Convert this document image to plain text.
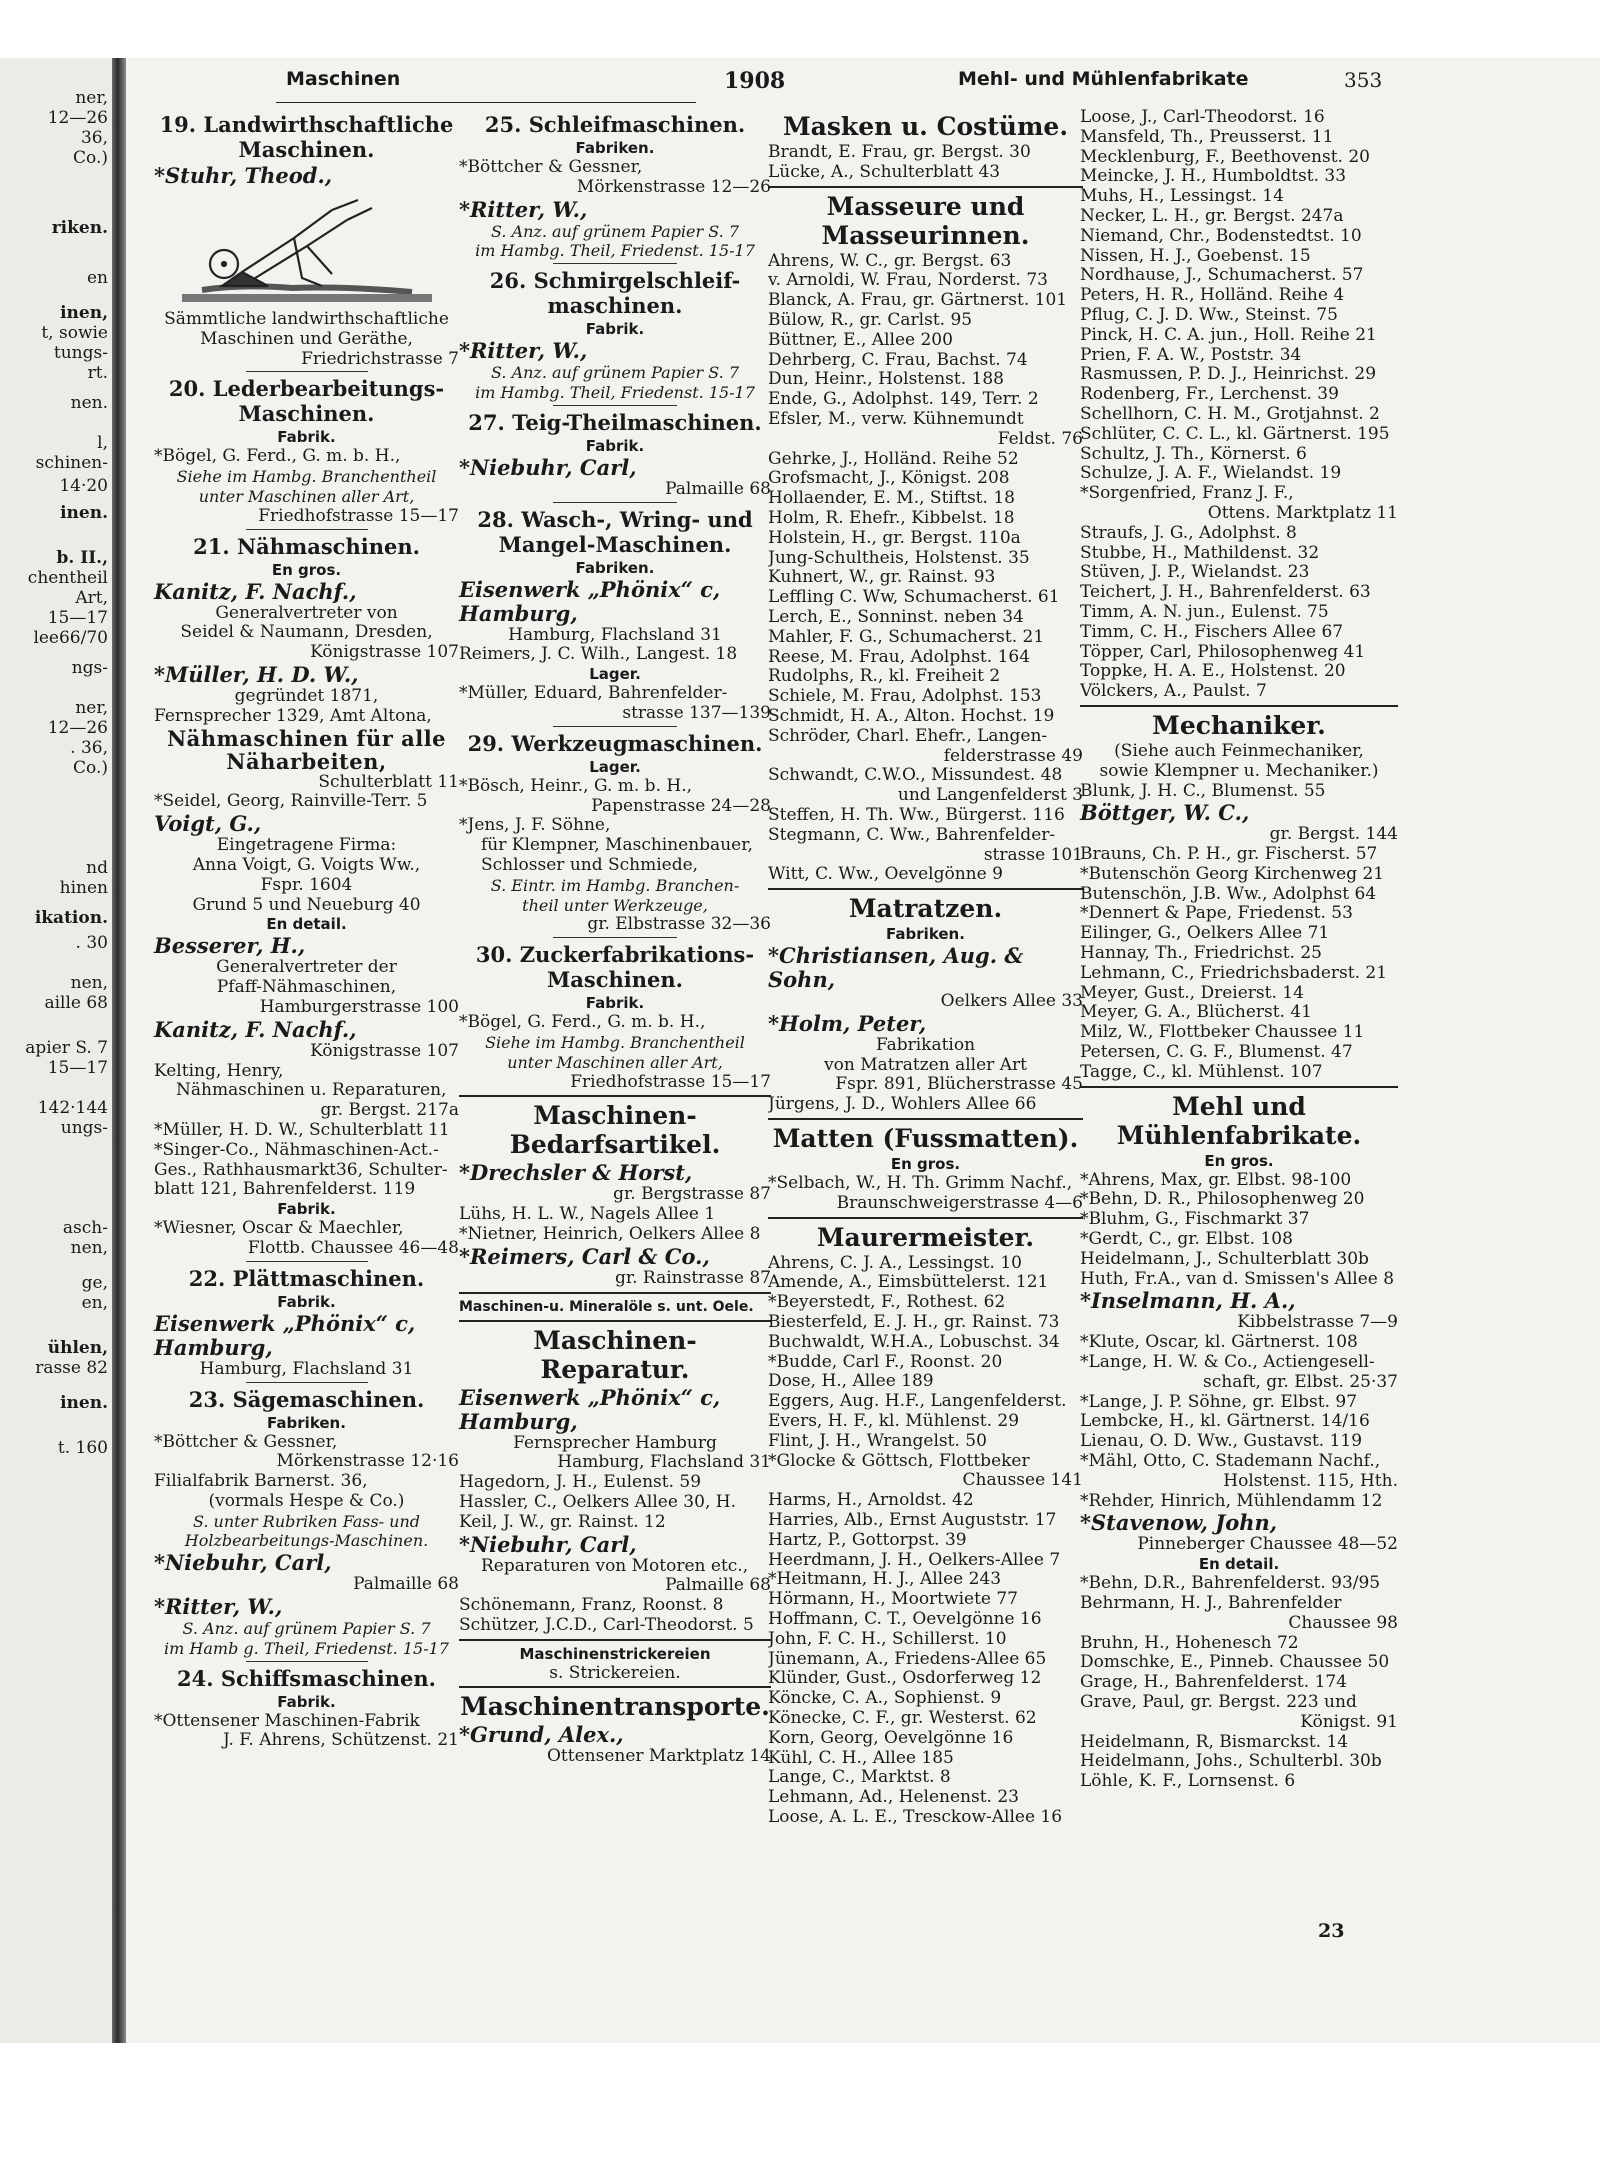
ner,
12—26
36,
Co.)
riken.
en
inen,
t, sowie
tungs-
rt.
nen.
l,
schinen-
14·20
inen.
b. II.,
chentheil
Art,
15—17
lee66/70
ngs-
ner,
12—26
. 36,
Co.)
nd
hinen
ikation.
. 30
nen,
aille 68
apier S. 7
15—17
142·144
ungs-
asch-
nen,
ge,
en,
ühlen,
rasse 82
inen.
t. 160
Maschinen	1908	Mehl- und Mühlenfabrikate	353
19. Landwirthschaftliche Maschinen.
*Stuhr, Theod.,
Sämmtliche landwirthschaftliche
Maschinen und Geräthe,
Friedrichstrasse 7
20. Lederbearbeitungs-Maschinen.
Fabrik.
*Bögel, G. Ferd., G. m. b. H.,
Siehe im Hambg. Branchentheil
unter Maschinen aller Art,
Friedhofstrasse 15—17
21. Nähmaschinen.
En gros.
Kanitz, F. Nachf.,
Generalvertreter von
Seidel & Naumann, Dresden,
Königstrasse 107
*Müller, H. D. W.,
gegründet 1871,
Fernsprecher 1329, Amt Altona,
Nähmaschinen für alle Näharbeiten,
Schulterblatt 11
*Seidel, Georg, Rainville-Terr. 5
Voigt, G.,
Eingetragene Firma:
Anna Voigt, G. Voigts Ww.,
Fspr. 1604
Grund 5 und Neueburg 40
En detail.
Besserer, H.,
Generalvertreter der
Pfaff-Nähmaschinen,
Hamburgerstrasse 100
Kanitz, F. Nachf.,
Königstrasse 107
Kelting, Henry,
Nähmaschinen u. Reparaturen,
gr. Bergst. 217a
*Müller, H. D. W., Schulterblatt 11
*Singer-Co., Nähmaschinen-Act.-
Ges., Rathhausmarkt36, Schulter-
blatt 121, Bahrenfelderst. 119
Fabrik.
*Wiesner, Oscar & Maechler,
Flottb. Chaussee 46—48
22. Plättmaschinen.
Fabrik.
Eisenwerk „Phönix“ c, Hamburg,
Hamburg, Flachsland 31
23. Sägemaschinen.
Fabriken.
*Böttcher & Gessner,
Mörkenstrasse 12·16
Filialfabrik Barnerst. 36,
(vormals Hespe & Co.)
S. unter Rubriken Fass- und
Holzbearbeitungs-Maschinen.
*Niebuhr, Carl,
Palmaille 68
*Ritter, W.,
S. Anz. auf grünem Papier S. 7
im Hamb g. Theil, Friedenst. 15-17
24. Schiffsmaschinen.
Fabrik.
*Ottensener Maschinen-Fabrik
J. F. Ahrens, Schützenst. 21
25. Schleifmaschinen.
Fabriken.
*Böttcher & Gessner,
Mörkenstrasse 12—26
*Ritter, W.,
S. Anz. auf grünem Papier S. 7
im Hambg. Theil, Friedenst. 15-17
26. Schmirgelschleif-maschinen.
Fabrik.
*Ritter, W.,
S. Anz. auf grünem Papier S. 7
im Hambg. Theil, Friedenst. 15-17
27. Teig-Theilmaschinen.
Fabrik.
*Niebuhr, Carl,
Palmaille 68
28. Wasch-, Wring- und Mangel-Maschinen.
Fabriken.
Eisenwerk „Phönix“ c, Hamburg,
Hamburg, Flachsland 31
Reimers, J. C. Wilh., Langest. 18
Lager.
*Müller, Eduard, Bahrenfelder-
strasse 137—139
29. Werkzeugmaschinen.
Lager.
*Bösch, Heinr., G. m. b. H.,
Papenstrasse 24—28
*Jens, J. F. Söhne,
für Klempner, Maschinenbauer,
Schlosser und Schmiede,
S. Eintr. im Hambg. Branchen-
theil unter Werkzeuge,
gr. Elbstrasse 32—36
30. Zuckerfabrikations-Maschinen.
Fabrik.
*Bögel, G. Ferd., G. m. b. H.,
Siehe im Hambg. Branchentheil
unter Maschinen aller Art,
Friedhofstrasse 15—17
Maschinen-Bedarfsartikel.
*Drechsler & Horst,
gr. Bergstrasse 87
Lühs, H. L. W., Nagels Allee 1
*Nietner, Heinrich, Oelkers Allee 8
*Reimers, Carl & Co.,
gr. Rainstrasse 87
Maschinen-u. Mineralöle s. unt. Oele.
Maschinen-Reparatur.
Eisenwerk „Phönix“ c, Hamburg,
Fernsprecher Hamburg
Hamburg, Flachsland 31
Hagedorn, J. H., Eulenst. 59
Hassler, C., Oelkers Allee 30, H.
Keil, J. W., gr. Rainst. 12
*Niebuhr, Carl,
Reparaturen von Motoren etc.,
Palmaille 68
Schönemann, Franz, Roonst. 8
Schützer, J.C.D., Carl-Theodorst. 5
Maschinenstrickereien
s. Strickereien.
Maschinentransporte.
*Grund, Alex.,
Ottensener Marktplatz 14
Masken u. Costüme.
Brandt, E. Frau, gr. Bergst. 30
Lücke, A., Schulterblatt 43
Masseure und Masseurinnen.
Ahrens, W. C., gr. Bergst. 63
v. Arnoldi, W. Frau, Norderst. 73
Blanck, A. Frau, gr. Gärtnerst. 101
Bülow, R., gr. Carlst. 95
Büttner, E., Allee 200
Dehrberg, C. Frau, Bachst. 74
Dun, Heinr., Holstenst. 188
Ende, G., Adolphst. 149, Terr. 2
Efsler, M., verw. Kühnemundt
Feldst. 76
Gehrke, J., Holländ. Reihe 52
Grofsmacht, J., Königst. 208
Hollaender, E. M., Stiftst. 18
Holm, R. Ehefr., Kibbelst. 18
Holstein, H., gr. Bergst. 110a
Jung-Schultheis, Holstenst. 35
Kuhnert, W., gr. Rainst. 93
Leffling C. Ww, Schumacherst. 61
Lerch, E., Sonninst. neben 34
Mahler, F. G., Schumacherst. 21
Reese, M. Frau, Adolphst. 164
Rudolphs, R., kl. Freiheit 2
Schiele, M. Frau, Adolphst. 153
Schmidt, H. A., Alton. Hochst. 19
Schröder, Charl. Ehefr., Langen-
felderstrasse 49
Schwandt, C.W.O., Missundest. 48
und Langenfelderst 3
Steffen, H. Th. Ww., Bürgerst. 116
Stegmann, C. Ww., Bahrenfelder-
strasse 101
Witt, C. Ww., Oevelgönne 9
Matratzen.
Fabriken.
*Christiansen, Aug. & Sohn,
Oelkers Allee 33
*Holm, Peter,
Fabrikation
von Matratzen aller Art
Fspr. 891, Blücherstrasse 45
Jürgens, J. D., Wohlers Allee 66
Matten (Fussmatten).
En gros.
*Selbach, W., H. Th. Grimm Nachf.,
Braunschweigerstrasse 4—6
Maurermeister.
Ahrens, C. J. A., Lessingst. 10
Amende, A., Eimsbüttelerst. 121
*Beyerstedt, F., Rothest. 62
Biesterfeld, E. J. H., gr. Rainst. 73
Buchwaldt, W.H.A., Lobuschst. 34
*Budde, Carl F., Roonst. 20
Dose, H., Allee 189
Eggers, Aug. H.F., Langenfelderst.
Evers, H. F., kl. Mühlenst. 29
Flint, J. H., Wrangelst. 50
*Glocke & Göttsch, Flottbeker
Chaussee 141
Harms, H., Arnoldst. 42
Harries, Alb., Ernst Auguststr. 17
Hartz, P., Gottorpst. 39
Heerdmann, J. H., Oelkers-Allee 7
*Heitmann, H. J., Allee 243
Hörmann, H., Moortwiete 77
Hoffmann, C. T., Oevelgönne 16
John, F. C. H., Schillerst. 10
Jünemann, A., Friedens-Allee 65
Klünder, Gust., Osdorferweg 12
Köncke, C. A., Sophienst. 9
Könecke, C. F., gr. Westerst. 62
Korn, Georg, Oevelgönne 16
Kühl, C. H., Allee 185
Lange, C., Marktst. 8
Lehmann, Ad., Helenenst. 23
Loose, A. L. E., Tresckow-Allee 16
Loose, J., Carl-Theodorst. 16
Mansfeld, Th., Preusserst. 11
Mecklenburg, F., Beethovenst. 20
Meincke, J. H., Humboldtst. 33
Muhs, H., Lessingst. 14
Necker, L. H., gr. Bergst. 247a
Niemand, Chr., Bodenstedtst. 10
Nissen, H. J., Goebenst. 15
Nordhause, J., Schumacherst. 57
Peters, H. R., Holländ. Reihe 4
Pflug, C. J. D. Ww., Steinst. 75
Pinck, H. C. A. jun., Holl. Reihe 21
Prien, F. A. W., Poststr. 34
Rasmussen, P. D. J., Heinrichst. 29
Rodenberg, Fr., Lerchenst. 39
Schellhorn, C. H. M., Grotjahnst. 2
Schlüter, C. C. L., kl. Gärtnerst. 195
Schultz, J. Th., Körnerst. 6
Schulze, J. A. F., Wielandst. 19
*Sorgenfried, Franz J. F.,
Ottens. Marktplatz 11
Straufs, J. G., Adolphst. 8
Stubbe, H., Mathildenst. 32
Stüven, J. P., Wielandst. 23
Teichert, J. H., Bahrenfelderst. 63
Timm, A. N. jun., Eulenst. 75
Timm, C. H., Fischers Allee 67
Töpper, Carl, Philosophenweg 41
Toppke, H. A. E., Holstenst. 20
Völckers, A., Paulst. 7
Mechaniker.
(Siehe auch Feinmechaniker,
sowie Klempner u. Mechaniker.)
Blunk, J. H. C., Blumenst. 55
Böttger, W. C.,
gr. Bergst. 144
Brauns, Ch. P. H., gr. Fischerst. 57
*Butenschön Georg Kirchenweg 21
Butenschön, J.B. Ww., Adolphst 64
*Dennert & Pape, Friedenst. 53
Eilinger, G., Oelkers Allee 71
Hannay, Th., Friedrichst. 25
Lehmann, C., Friedrichsbaderst. 21
Meyer, Gust., Dreierst. 14
Meyer, G. A., Blücherst. 41
Milz, W., Flottbeker Chaussee 11
Petersen, C. G. F., Blumenst. 47
Tagge, C., kl. Mühlenst. 107
Mehl und Mühlenfabrikate.
En gros.
*Ahrens, Max, gr. Elbst. 98-100
*Behn, D. R., Philosophenweg 20
*Bluhm, G., Fischmarkt 37
*Gerdt, C., gr. Elbst. 108
Heidelmann, J., Schulterblatt 30b
Huth, Fr.A., van d. Smissen's Allee 8
*Inselmann, H. A.,
Kibbelstrasse 7—9
*Klute, Oscar, kl. Gärtnerst. 108
*Lange, H. W. & Co., Actiengesell-
schaft, gr. Elbst. 25·37
*Lange, J. P. Söhne, gr. Elbst. 97
Lembcke, H., kl. Gärtnerst. 14/16
Lienau, O. D. Ww., Gustavst. 119
*Mähl, Otto, C. Stademann Nachf.,
Holstenst. 115, Hth.
*Rehder, Hinrich, Mühlendamm 12
*Stavenow, John,
Pinneberger Chaussee 48—52
En detail.
*Behn, D.R., Bahrenfelderst. 93/95
Behrmann, H. J., Bahrenfelder
Chaussee 98
Bruhn, H., Hohenesch 72
Domschke, E., Pinneb. Chaussee 50
Grage, H., Bahrenfelderst. 174
Grave, Paul, gr. Bergst. 223 und
Königst. 91
Heidelmann, R, Bismarckst. 14
Heidelmann, Johs., Schulterbl. 30b
Löhle, K. F., Lornsenst. 6
23
